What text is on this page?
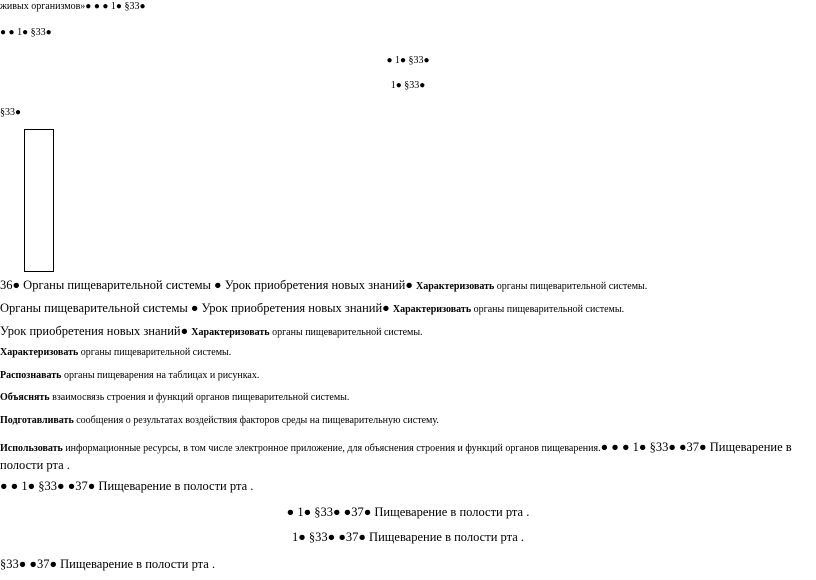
живых организмов»● ● ● 1● §33●
● ● 1● §33●
● 1● §33●
1● §33●
§33●
36● Органы пищеварительной системы ● Урок приобретения новых знаний● Характеризовать органы пищеварительной системы.
Органы пищеварительной системы ● Урок приобретения новых знаний● Характеризовать органы пищеварительной системы.
Урок приобретения новых знаний● Характеризовать органы пищеварительной системы.
Характеризовать органы пищеварительной системы.
Распознавать органы пищеварения на таблицах и рисунках.
Объяснять взаимосвязь строения и функций органов пищеварительной системы.
Подготавливать сообщения о результатах воздействия факторов среды на пищеварительную систему.
Использовать информационные ресурсы, в том числе электронное приложение, для объяснения строения и функций органов пищеварения.● ● ● 1● §33● ●37● Пищеварение в полости рта .
● ● 1● §33● ●37● Пищеварение в полости рта .
● 1● §33● ●37● Пищеварение в полости рта .
1● §33● ●37● Пищеварение в полости рта .
§33● ●37● Пищеварение в полости рта .
